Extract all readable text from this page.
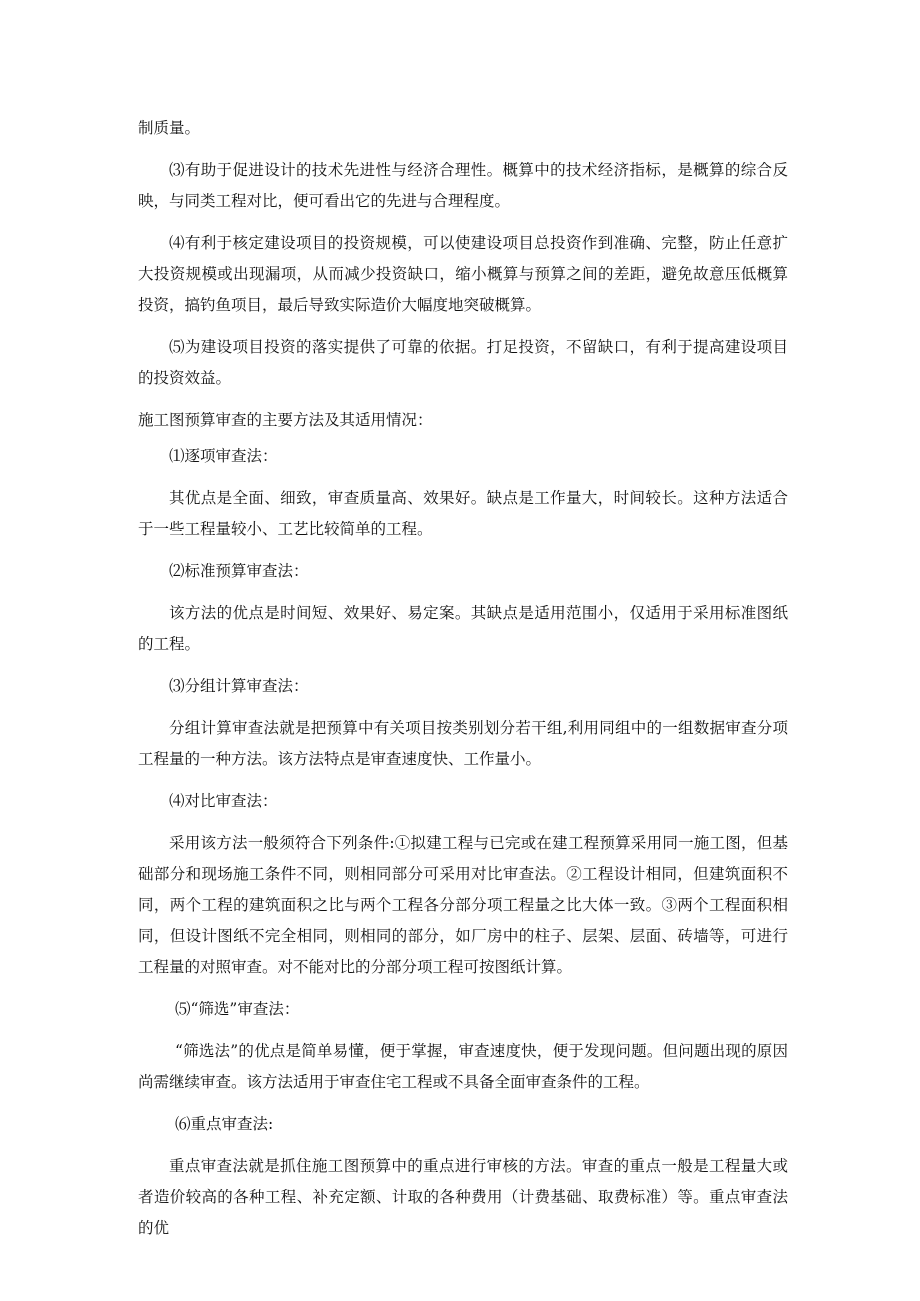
制质量。

⑶有助于促进设计的技术先进性与经济合理性。概算中的技术经济指标，是概算的综合反映，与同类工程对比，便可看出它的先进与合理程度。

⑷有利于核定建设项目的投资规模，可以使建设项目总投资作到准确、完整，防止任意扩大投资规模或出现漏项，从而减少投资缺口，缩小概算与预算之间的差距，避免故意压低概算投资，搞钓鱼项目，最后导致实际造价大幅度地突破概算。

⑸为建设项目投资的落实提供了可靠的依据。打足投资，不留缺口，有利于提高建设项目的投资效益。

施工图预算审查的主要方法及其适用情况：

⑴逐项审查法：

其优点是全面、细致，审查质量高、效果好。缺点是工作量大，时间较长。这种方法适合于一些工程量较小、工艺比较简单的工程。

⑵标准预算审查法：

该方法的优点是时间短、效果好、易定案。其缺点是适用范围小，仅适用于采用标准图纸的工程。

⑶分组计算审查法：

分组计算审查法就是把预算中有关项目按类别划分若干组,利用同组中的一组数据审查分项工程量的一种方法。该方法特点是审查速度快、工作量小。

⑷对比审查法：

采用该方法一般须符合下列条件:①拟建工程与已完或在建工程预算采用同一施工图，但基础部分和现场施工条件不同，则相同部分可采用对比审查法。②工程设计相同，但建筑面积不同，两个工程的建筑面积之比与两个工程各分部分项工程量之比大体一致。③两个工程面积相同，但设计图纸不完全相同，则相同的部分，如厂房中的柱子、层架、层面、砖墙等，可进行工程量的对照审查。对不能对比的分部分项工程可按图纸计算。

⑸“筛选”审查法：

“筛选法”的优点是简单易懂，便于掌握，审查速度快，便于发现问题。但问题出现的原因尚需继续审查。该方法适用于审查住宅工程或不具备全面审查条件的工程。

⑹重点审查法:

重点审查法就是抓住施工图预算中的重点进行审核的方法。审查的重点一般是工程量大或者造价较高的各种工程、补充定额、计取的各种费用（计费基础、取费标准）等。重点审查法的优
